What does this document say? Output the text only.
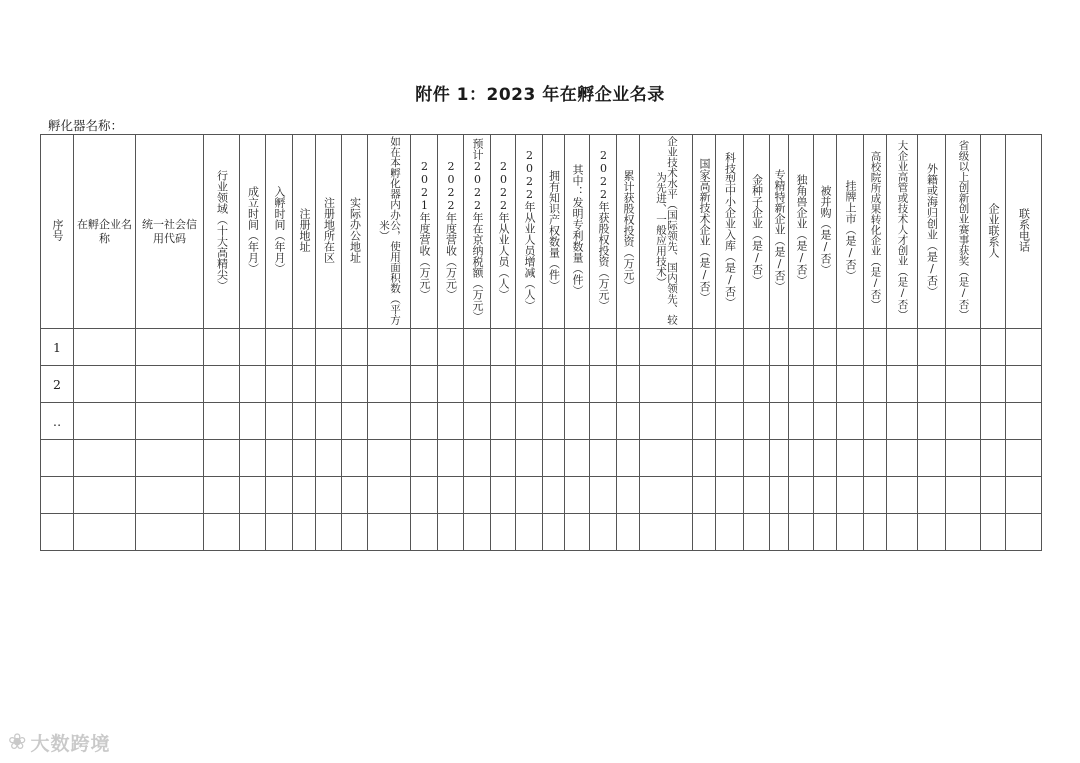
附件 1：2023 年在孵企业名录
孵化器名称：
序号	在孵企业名称	统一社会信用代码	行业领域（十大高精尖）	成立时间（年月）	入孵时间（年月）	注册地址	注册地所在区	实际办公地址	如在本孵化器内办公，使用面积数（平方米）	2021年度营收（万元）	2022年度营收（万元）	预计2022年在京纳税额（万元）	2022年从业人员（人）	2022年从业人员增减（人）	拥有知识产权数量（件）	其中：发明专利数量（件）	2022年获股权投资（万元）	累计获股权投资（万元）	企业技术水平（国际领先、国内领先、较为先进、一般应用技术）	国家高新技术企业（是/否）	科技型中小企业入库（是/否）	金种子企业（是/否）	专精特新企业（是/否）	独角兽企业（是/否）	被并购（是/否）	挂牌上市（是/否）	高校院所成果转化企业（是/否）	大企业高管或技术人才创业（是/否）	外籍或海归创业（是/否）	省级以上创新创业赛事获奖（是/否）	企业联系人	联系电话
1																																
2																																
‥																																

❀ 大数跨境
